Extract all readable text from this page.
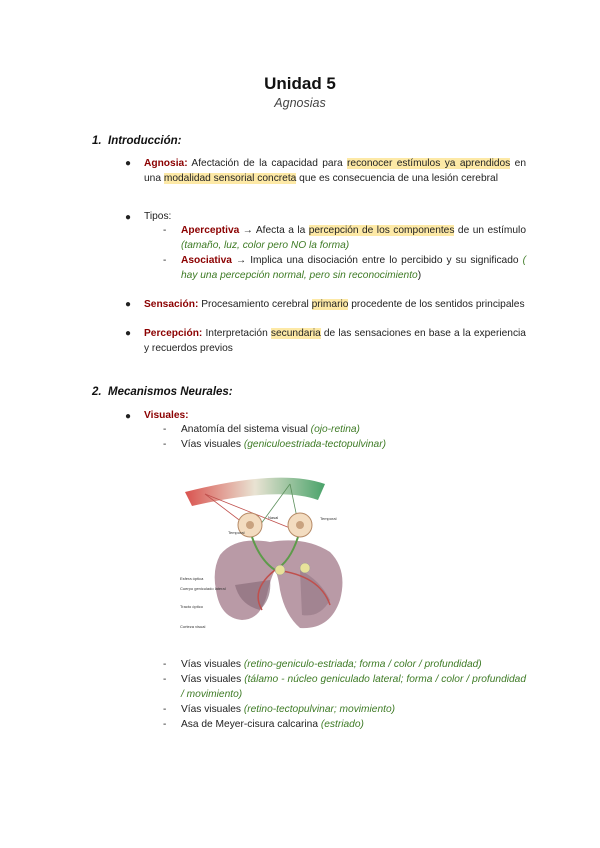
Unidad 5
Agnosias
1. Introducción:
● Agnosia: Afectación de la capacidad para reconocer estímulos ya aprendidos en una modalidad sensorial concreta que es consecuencia de una lesión cerebral
● Tipos:
- Aperceptiva → Afecta a la percepción de los componentes de un estímulo (tamaño, luz, color pero NO la forma)
- Asociativa → Implica una disociación entre lo percibido y su significado ( hay una percepción normal, pero sin reconocimiento)
● Sensación: Procesamiento cerebral primario procedente de los sentidos principales
● Percepción: Interpretación secundaria de las sensaciones en base a la experiencia y recuerdos previos
2. Mecanismos Neurales:
● Visuales:
- Anatomía del sistema visual (ojo-retina)
- Vías visuales (geniculoestriada-tectopulvinar)
Temporal
Nasal	Temporal
Esfera óptica
Cuerpo geniculado lateral
Tracto óptico
Corteza visual
- Vías visuales (retino-geniculo-estriada; forma / color / profundidad)
- Vías visuales (tálamo - núcleo geniculado lateral; forma / color / profundidad / movimiento)
- Vías visuales (retino-tectopulvinar; movimiento)
- Asa de Meyer-cisura calcarina (estriado)
